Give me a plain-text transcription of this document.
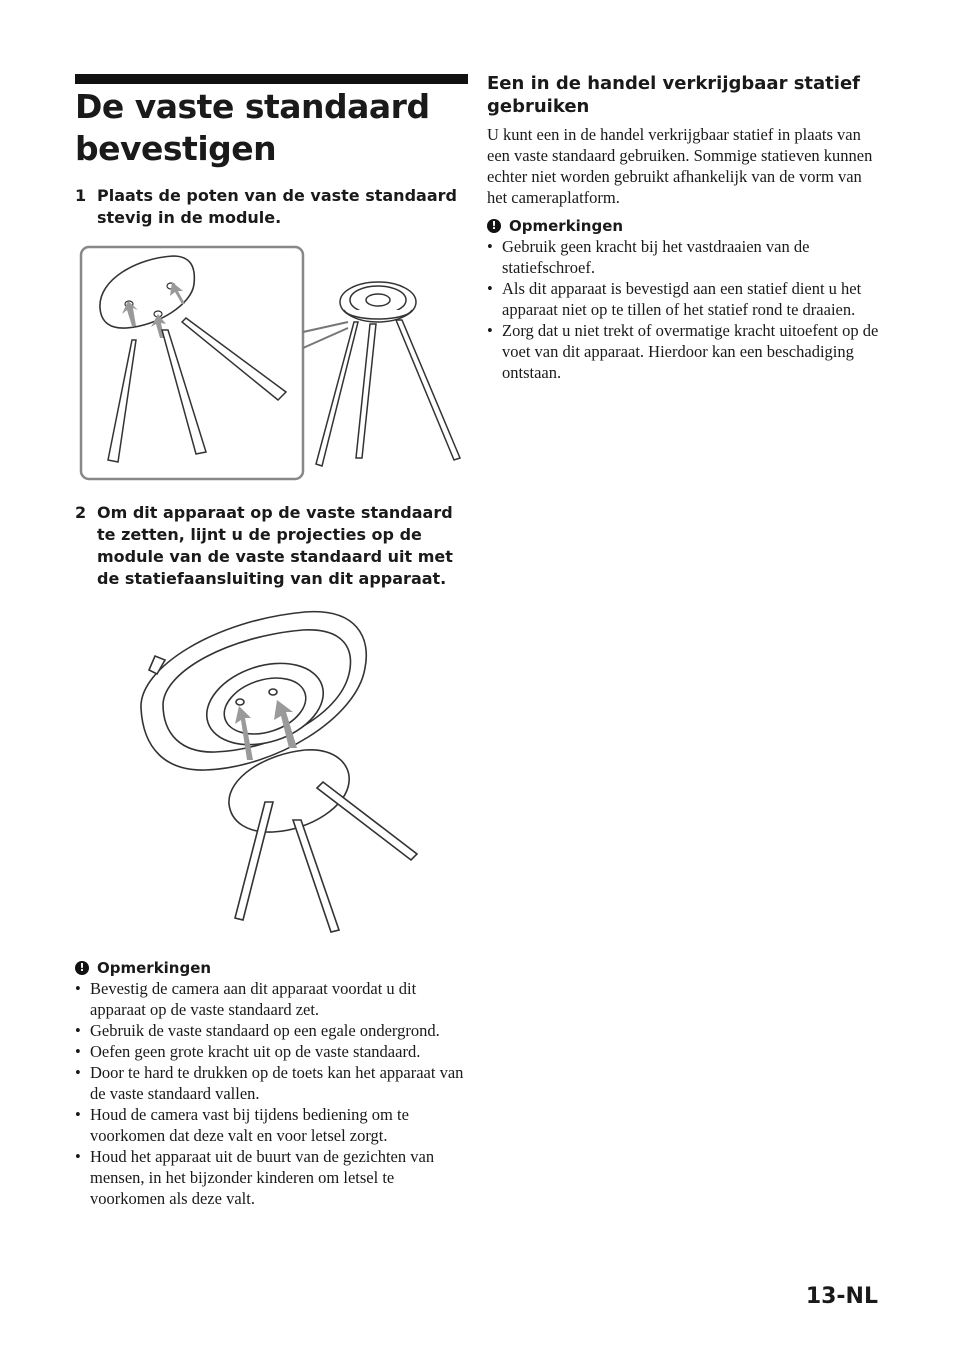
De vaste standaard bevestigen
1 Plaats de poten van de vaste standaard stevig in de module.
2 Om dit apparaat op de vaste standaard te zetten, lijnt u de projecties op de module van de vaste standaard uit met de statiefaansluiting van dit apparaat.
! Opmerkingen
• Bevestig de camera aan dit apparaat voordat u dit apparaat op de vaste standaard zet.
• Gebruik de vaste standaard op een egale ondergrond.
• Oefen geen grote kracht uit op de vaste standaard.
• Door te hard te drukken op de toets kan het apparaat van de vaste standaard vallen.
• Houd de camera vast bij tijdens bediening om te voorkomen dat deze valt en voor letsel zorgt.
• Houd het apparaat uit de buurt van de gezichten van mensen, in het bijzonder kinderen om letsel te voorkomen als deze valt.
Een in de handel verkrijgbaar statief gebruiken

U kunt een in de handel verkrijgbaar statief in plaats van een vaste standaard gebruiken. Sommige statieven kunnen echter niet worden gebruikt afhankelijk van de vorm van het cameraplatform.

! Opmerkingen
• Gebruik geen kracht bij het vastdraaien van de statiefschroef.
• Als dit apparaat is bevestigd aan een statief dient u het apparaat niet op te tillen of het statief rond te draaien.
• Zorg dat u niet trekt of overmatige kracht uitoefent op de voet van dit apparaat. Hierdoor kan een beschadiging ontstaan.
13-NL
